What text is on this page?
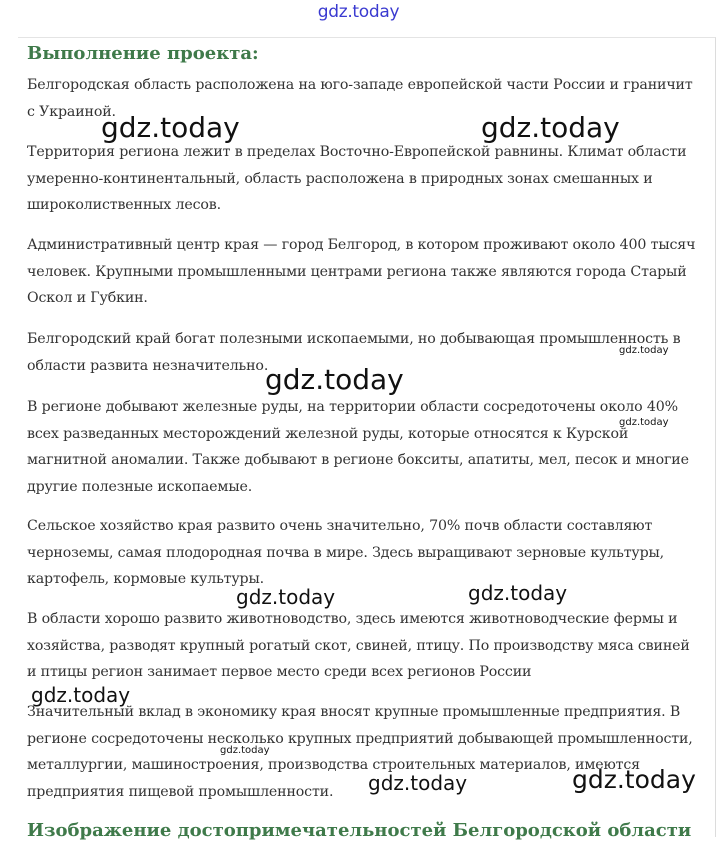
gdz.today
Выполнение проекта:

Белгородская область расположена на юго-западе европейской части России и граничит с Украиной.

Территория региона лежит в пределах Восточно-Европейской равнины. Климат области умеренно-континентальный, область расположена в природных зонах смешанных и широколиственных лесов.

Административный центр края — город Белгород, в котором проживают около 400 тысяч человек. Крупными промышленными центрами региона также являются города Старый Оскол и Губкин.

Белгородский край богат полезными ископаемыми, но добывающая промышленность в области развита незначительно.

В регионе добывают железные руды, на территории области сосредоточены около 40% всех разведанных месторождений железной руды, которые относятся к Курской магнитной аномалии. Также добывают в регионе бокситы, апатиты, мел, песок и многие другие полезные ископаемые.

Сельское хозяйство края развито очень значительно, 70% почв области составляют черноземы, самая плодородная почва в мире. Здесь выращивают зерновые культуры, картофель, кормовые культуры.

В области хорошо развито животноводство, здесь имеются животноводческие фермы и хозяйства, разводят крупный рогатый скот, свиней, птицу. По производству мяса свиней и птицы регион занимает первое место среди всех регионов России

Значительный вклад в экономику края вносят крупные промышленные предприятия. В регионе сосредоточены несколько крупных предприятий добывающей промышленности, металлургии, машиностроения, производства строительных материалов, имеются предприятия пищевой промышленности.

Изображение достопримечательностей Белгородской области
gdz.today	gdz.today
gdz.today
gdz.today
gdz.today
gdz.today	gdz.today
gdz.today
gdz.today
gdz.today	gdz.today
